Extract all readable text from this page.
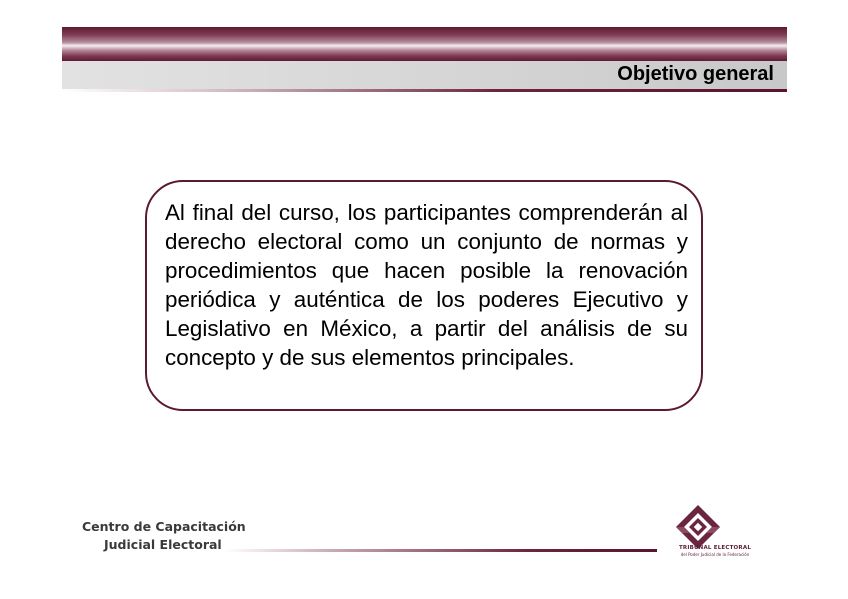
Objetivo general

Al final del curso, los participantes comprenderán al derecho electoral como un conjunto de normas y procedimientos que hacen posible la renovación periódica y auténtica de los poderes Ejecutivo y Legislativo en México, a partir del análisis de su concepto y de sus elementos principales.

Centro de Capacitación
Judicial Electoral	TRIBUNAL ELECTORAL
del Poder Judicial de la Federación
